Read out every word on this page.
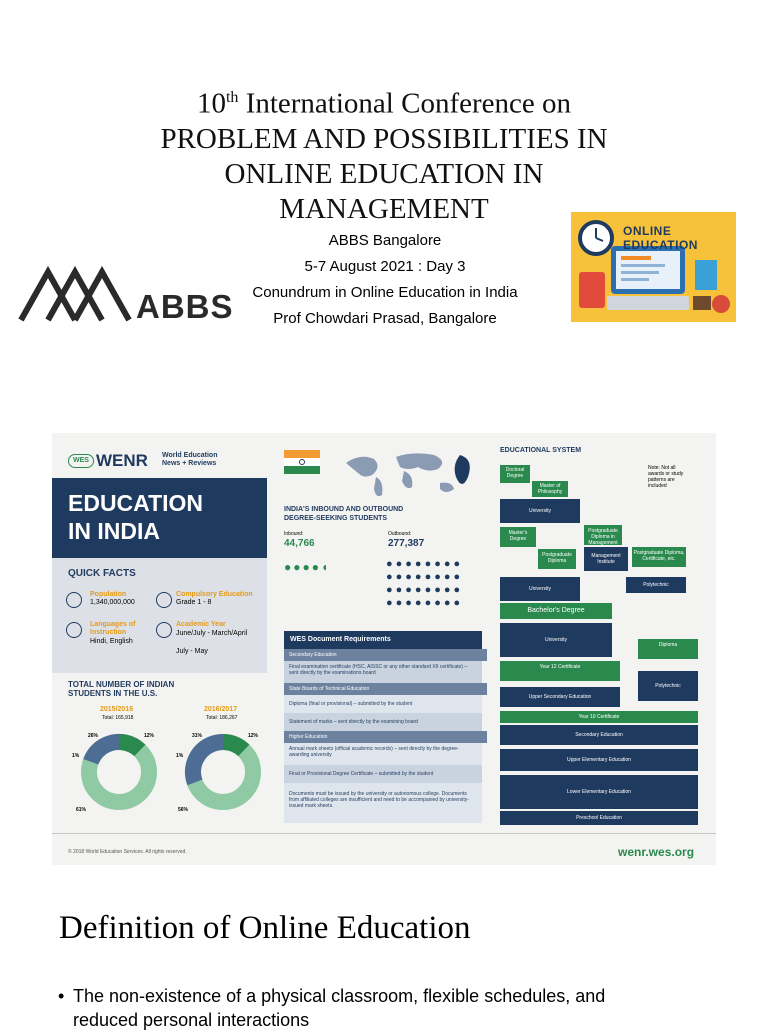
10th International Conference on
PROBLEM AND POSSIBILITIES IN
ONLINE EDUCATION IN
MANAGEMENT
ABBS Bangalore
5-7 August 2021 : Day 3
Conundrum in Online Education in India
Prof Chowdari Prasad, Bangalore
ABBS
ONLINE EDUCATION
WES WENR World Education
News + Reviews
EDUCATION
IN INDIA
QUICK FACTS
Population
1,340,000,000
Compulsory Education
Grade 1 - 8
Languages of Instruction
Hindi, English
Academic Year
June/July - March/April
July - May
TOTAL NUMBER OF INDIAN
STUDENTS IN THE U.S.
2015/2016
Total: 165,918
2016/2017
Total: 186,267
26%	12%
1%
61%
31%	12%
1%
56%
INDIA'S INBOUND AND OUTBOUND
DEGREE-SEEKING STUDENTS
Inbound:
44,766
Outbound:
277,387
●●●●◖	●●●●●●●● ●●●●●●●● ●●●●●●●● ●●●●●●●●
WES Document Requirements
Secondary Education
Final examination certificate (HSC, AISSC or any other standard XII certificate) – sent directly by the examinations board
State Boards of Technical Education
Diploma (final or provisional) – submitted by the student
Statement of marks – sent directly by the examining board
Higher Education
Annual mark sheets (official academic records) – sent directly by the degree-awarding university
Final or Provisional Degree Certificate – submitted by the student
Documents must be issued by the university or autonomous college. Documents from affiliated colleges are insufficient and need to be accompanied by university-issued mark sheets.
EDUCATIONAL SYSTEM
Note: Not all awards or study patterns are included
Doctoral Degree
Master of Philosophy
University
Master's Degree
Postgraduate Diploma
Postgraduate Diploma in Management
Management Institute
Postgraduate Diploma, Certificate, etc.
University
Polytechnic
Bachelor's Degree
University
Diploma
Year 12 Certificate
Polytechnic
Upper Secondary Education
Year 10 Certificate
Secondary Education
Upper Elementary Education
Lower Elementary Education
Preschool Education
© 2018 World Education Services. All rights reserved.	wenr.wes.org
Definition of Online Education
• The non-existence of a physical classroom, flexible schedules, and
reduced personal interactions
